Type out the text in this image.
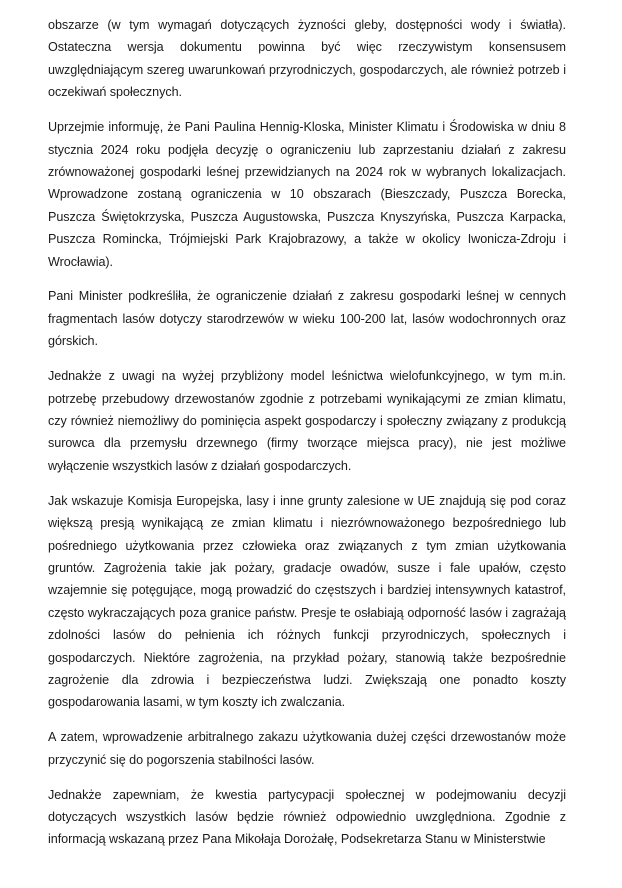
obszarze (w tym wymagań dotyczących żyzności gleby, dostępności wody i światła). Ostateczna wersja dokumentu powinna być więc rzeczywistym konsensusem uwzględniającym szereg uwarunkowań przyrodniczych, gospodarczych, ale również potrzeb i oczekiwań społecznych.

Uprzejmie informuję, że Pani Paulina Hennig-Kloska, Minister Klimatu i Środowiska w dniu 8 stycznia 2024 roku podjęła decyzję o ograniczeniu lub zaprzestaniu działań z zakresu zrównoważonej gospodarki leśnej przewidzianych na 2024 rok w wybranych lokalizacjach. Wprowadzone zostaną ograniczenia w 10 obszarach (Bieszczady, Puszcza Borecka, Puszcza Świętokrzyska, Puszcza Augustowska, Puszcza Knyszyńska, Puszcza Karpacka, Puszcza Romincka, Trójmiejski Park Krajobrazowy, a także w okolicy Iwonicza-Zdroju i Wrocławia).

Pani Minister podkreśliła, że ograniczenie działań z zakresu gospodarki leśnej w cennych fragmentach lasów dotyczy starodrzewów w wieku 100-200 lat, lasów wodochronnych oraz górskich.

Jednakże z uwagi na wyżej przybliżony model leśnictwa wielofunkcyjnego, w tym m.in. potrzebę przebudowy drzewostanów zgodnie z potrzebami wynikającymi ze zmian klimatu, czy również niemożliwy do pominięcia aspekt gospodarczy i społeczny związany z produkcją surowca dla przemysłu drzewnego (firmy tworzące miejsca pracy), nie jest możliwe wyłączenie wszystkich lasów z działań gospodarczych.

Jak wskazuje Komisja Europejska, lasy i inne grunty zalesione w UE znajdują się pod coraz większą presją wynikającą ze zmian klimatu i niezrównoważonego bezpośredniego lub pośredniego użytkowania przez człowieka oraz związanych z tym zmian użytkowania gruntów. Zagrożenia takie jak pożary, gradacje owadów, susze i fale upałów, często wzajemnie się potęgujące, mogą prowadzić do częstszych i bardziej intensywnych katastrof, często wykraczających poza granice państw. Presje te osłabiają odporność lasów i zagrażają zdolności lasów do pełnienia ich różnych funkcji przyrodniczych, społecznych i gospodarczych. Niektóre zagrożenia, na przykład pożary, stanowią także bezpośrednie zagrożenie dla zdrowia i bezpieczeństwa ludzi. Zwiększają one ponadto koszty gospodarowania lasami, w tym koszty ich zwalczania.

A zatem, wprowadzenie arbitralnego zakazu użytkowania dużej części drzewostanów może przyczynić się do pogorszenia stabilności lasów.

Jednakże zapewniam, że kwestia partycypacji społecznej w podejmowaniu decyzji dotyczących wszystkich lasów będzie również odpowiednio uwzględniona. Zgodnie z informacją wskazaną przez Pana Mikołaja Dorożałę, Podsekretarza Stanu w Ministerstwie
